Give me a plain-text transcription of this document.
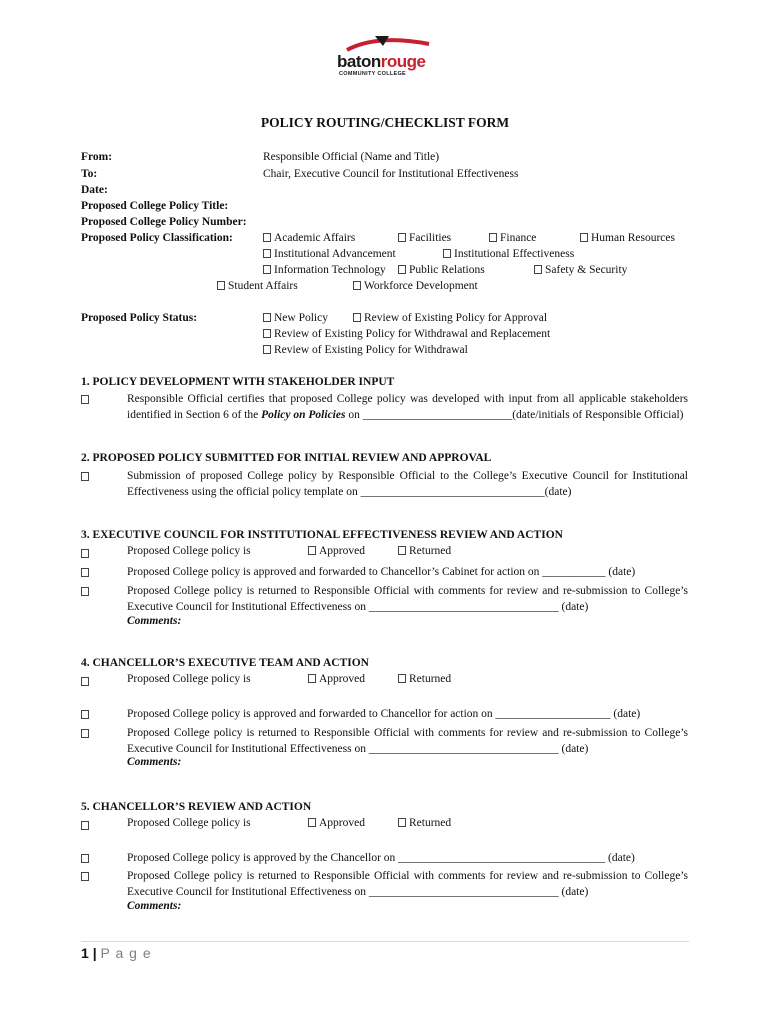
batonrouge
COMMUNITY COLLEGE
POLICY ROUTING/CHECKLIST FORM
From:	Responsible Official (Name and Title)
To:	Chair, Executive Council for Institutional Effectiveness
Date:
Proposed College Policy Title:
Proposed College Policy Number:
Proposed Policy Classification:	Academic Affairs	Facilities	Finance	Human Resources
Institutional Advancement	Institutional Effectiveness
Information Technology	Public Relations	Safety & Security
Student Affairs	Workforce Development
Proposed Policy Status:	New Policy	Review of Existing Policy for Approval
Review of Existing Policy for Withdrawal and Replacement
Review of Existing Policy for Withdrawal
1. POLICY DEVELOPMENT WITH STAKEHOLDER INPUT
Responsible Official certifies that proposed College policy was developed with input from all applicable stakeholders identified in Section 6 of the Policy on Policies on __________________________(date/initials of Responsible Official)
2. PROPOSED POLICY SUBMITTED FOR INITIAL REVIEW AND APPROVAL
Submission of proposed College policy by Responsible Official to the College’s Executive Council for Institutional Effectiveness using the official policy template on ________________________________(date)
3. EXECUTIVE COUNCIL FOR INSTITUTIONAL EFFECTIVENESS REVIEW AND ACTION
Proposed College policy is	Approved	Returned
Proposed College policy is approved and forwarded to Chancellor’s Cabinet for action on ___________ (date)
Proposed College policy is returned to Responsible Official with comments for review and re-submission to College’s Executive Council for Institutional Effectiveness on _________________________________ (date)
Comments:
4. CHANCELLOR’S EXECUTIVE TEAM AND ACTION
Proposed College policy is	Approved	Returned
Proposed College policy is approved and forwarded to Chancellor for action on ____________________ (date)
Proposed College policy is returned to Responsible Official with comments for review and re-submission to College’s Executive Council for Institutional Effectiveness on _________________________________ (date)
Comments:
5. CHANCELLOR’S REVIEW AND ACTION
Proposed College policy is	Approved	Returned
Proposed College policy is approved by the Chancellor on ____________________________________ (date)
Proposed College policy is returned to Responsible Official with comments for review and re-submission to College’s Executive Council for Institutional Effectiveness on _________________________________ (date)
Comments:
1 | P a g e
